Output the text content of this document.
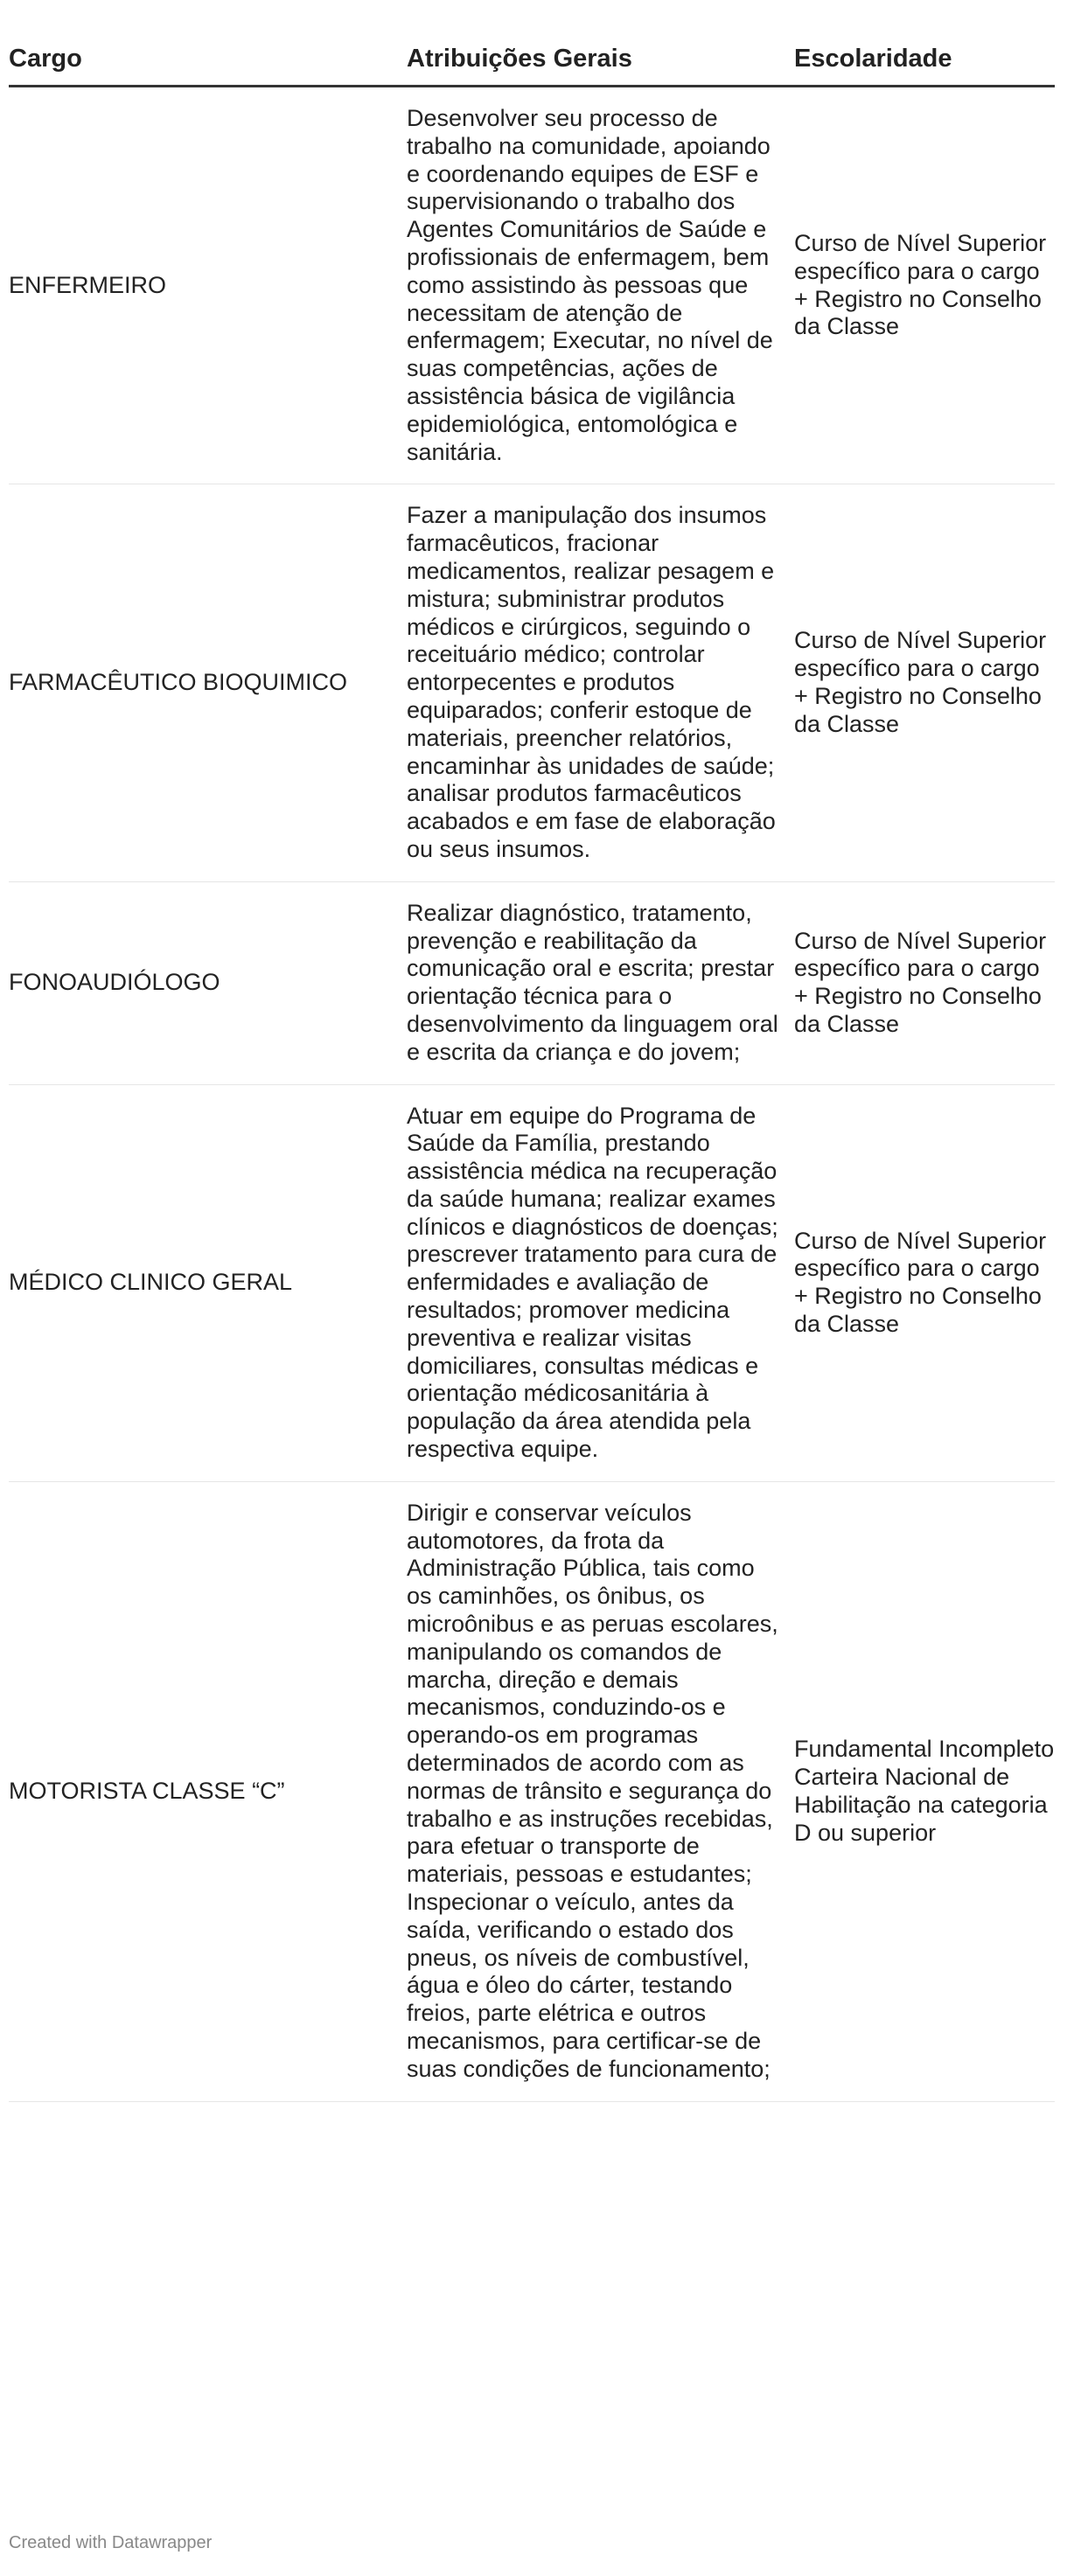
Cargo	Atribuições Gerais	Escolaridade
ENFERMEIRO
Desenvolver seu processo de trabalho na comunidade, apoiando e coordenando equipes de ESF e supervisionando o trabalho dos Agentes Comunitários de Saúde e profissionais de enfermagem, bem como assistindo às pessoas que necessitam de atenção de enfermagem; Executar, no nível de suas competências, ações de assistência básica de vigilância epidemiológica, entomológica e sanitária.
Curso de Nível Superior específico para o cargo + Registro no Conselho da Classe
FARMACÊUTICO BIOQUIMICO
Fazer a manipulação dos insumos farmacêuticos, fracionar medicamentos, realizar pesagem e mistura; subministrar produtos médicos e cirúrgicos, seguindo o receituário médico; controlar entorpecentes e produtos equiparados; conferir estoque de materiais, preencher relatórios, encaminhar às unidades de saúde; analisar produtos farmacêuticos acabados e em fase de elaboração ou seus insumos.
Curso de Nível Superior específico para o cargo + Registro no Conselho da Classe
FONOAUDIÓLOGO
Realizar diagnóstico, tratamento, prevenção e reabilitação da comunicação oral e escrita; prestar orientação técnica para o desenvolvimento da linguagem oral e escrita da criança e do jovem;
Curso de Nível Superior específico para o cargo + Registro no Conselho da Classe
MÉDICO CLINICO GERAL
Atuar em equipe do Programa de Saúde da Família, prestando assistência médica na recuperação da saúde humana; realizar exames clínicos e diagnósticos de doenças; prescrever tratamento para cura de enfermidades e avaliação de resultados; promover medicina preventiva e realizar visitas domiciliares, consultas médicas e orientação médicosanitária à população da área atendida pela respectiva equipe.
Curso de Nível Superior específico para o cargo + Registro no Conselho da Classe
MOTORISTA CLASSE “C”
Dirigir e conservar veículos automotores, da frota da Administração Pública, tais como os caminhões, os ônibus, os microônibus e as peruas escolares, manipulando os comandos de marcha, direção e demais mecanismos, conduzindo-os e operando-os em programas determinados de acordo com as normas de trânsito e segurança do trabalho e as instruções recebidas, para efetuar o transporte de materiais, pessoas e estudantes; Inspecionar o veículo, antes da saída, verificando o estado dos pneus, os níveis de combustível, água e óleo do cárter, testando freios, parte elétrica e outros mecanismos, para certificar-se de suas condições de funcionamento;
Fundamental Incompleto Carteira Nacional de Habilitação na categoria D ou superior
Created with Datawrapper
